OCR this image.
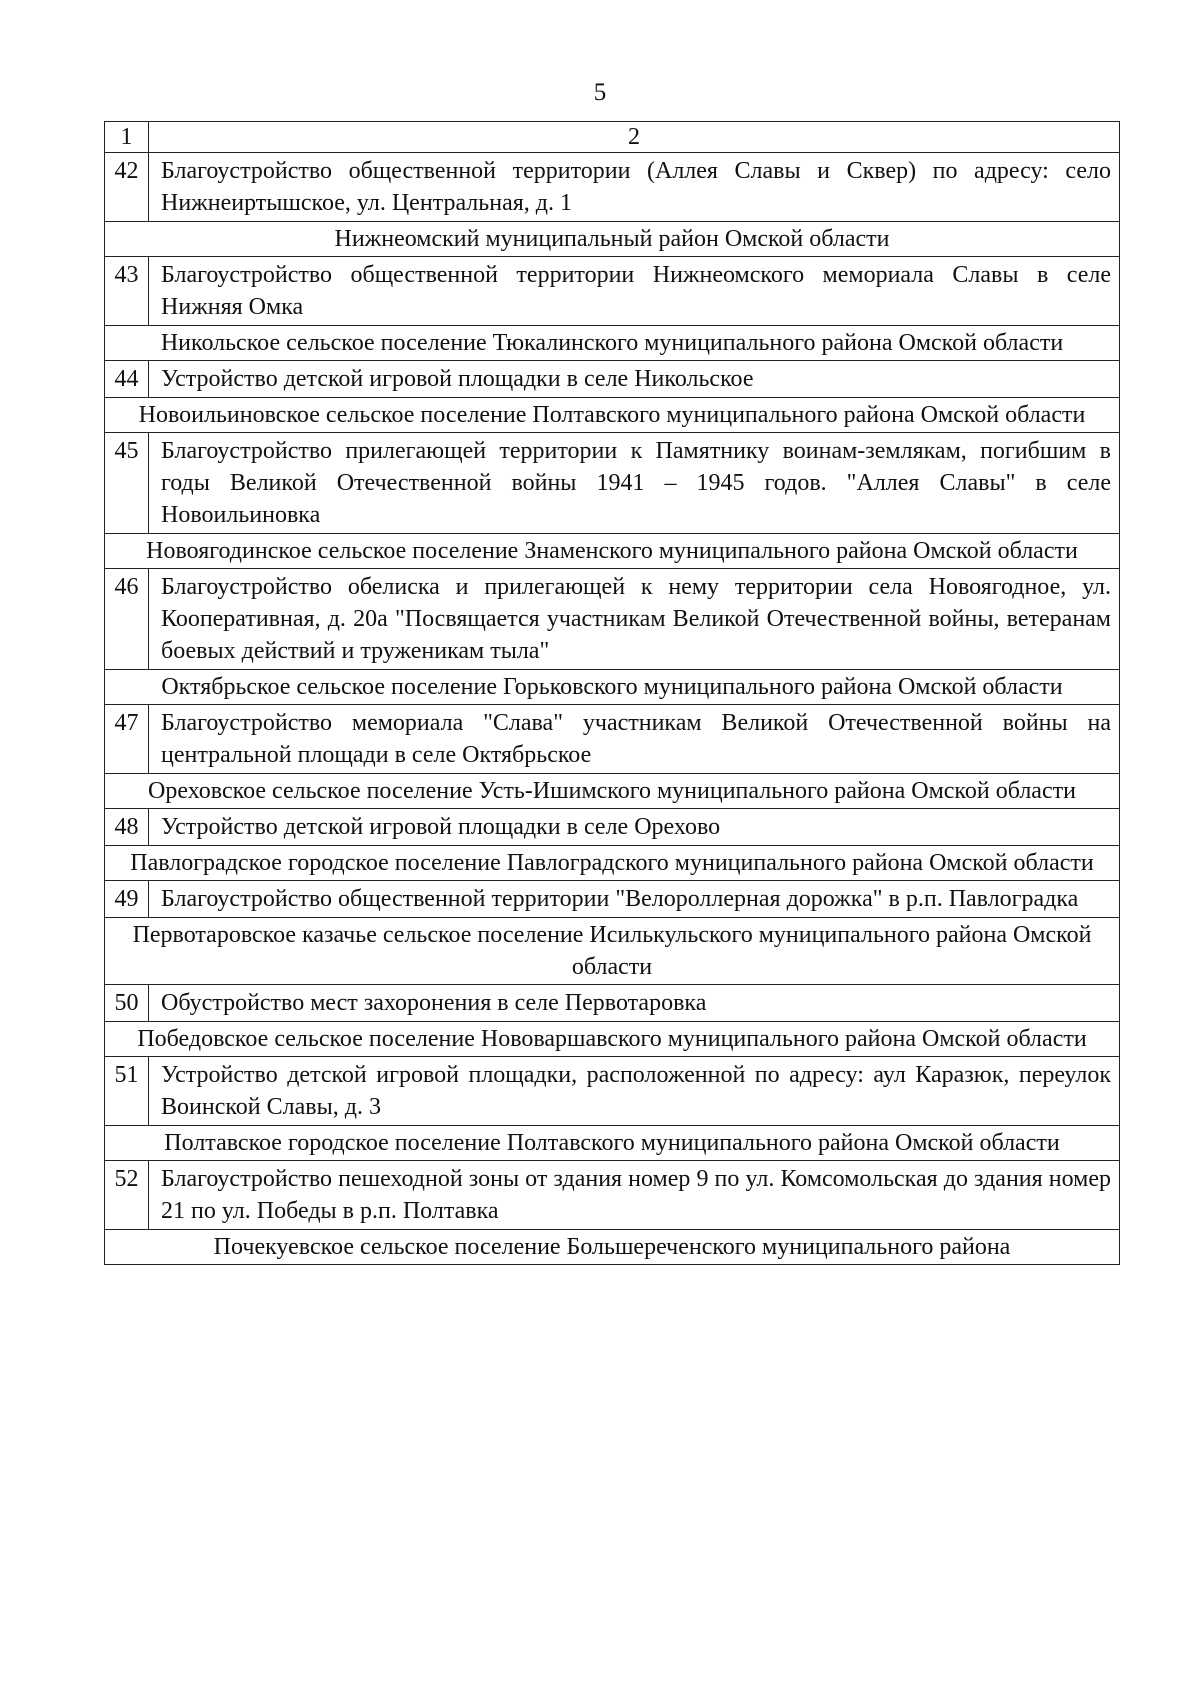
5
1	2
42	Благоустройство общественной территории (Аллея Славы и Сквер) по адресу: село Нижнеиртышское, ул. Центральная, д. 1
Нижнеомский муниципальный район Омской области	
43	Благоустройство общественной территории Нижнеомского мемориала Славы в селе Нижняя Омка
Никольское сельское поселение Тюкалинского муниципального района Омской области	
44	Устройство детской игровой площадки в селе Никольское
Новоильиновское сельское поселение Полтавского муниципального района Омской области	
45	Благоустройство прилегающей территории к Памятнику воинам-землякам, погибшим в годы Великой Отечественной войны 1941 – 1945 годов. "Аллея Славы" в селе Новоильиновка
Новоягодинское сельское поселение Знаменского муниципального района Омской области	
46	Благоустройство обелиска и прилегающей к нему территории села Новоягодное, ул. Кооперативная, д. 20а "Посвящается участникам Великой Отечественной войны, ветеранам боевых действий и труженикам тыла"
Октябрьское сельское поселение Горьковского муниципального района Омской области	
47	Благоустройство мемориала "Слава" участникам Великой Отечественной войны на центральной площади в селе Октябрьское
Ореховское сельское поселение Усть-Ишимского муниципального района Омской области	
48	Устройство детской игровой площадки в селе Орехово
Павлоградское городское поселение Павлоградского муниципального района Омской области	
49	Благоустройство общественной территории "Велороллерная дорожка" в р.п. Павлоградка
Первотаровское казачье сельское поселение Исилькульского муниципального района Омской области	
50	Обустройство мест захоронения в селе Первотаровка
Победовское сельское поселение Нововаршавского муниципального района Омской области	
51	Устройство детской игровой площадки, расположенной по адресу: аул Каразюк, переулок Воинской Славы, д. 3
Полтавское городское поселение Полтавского муниципального района Омской области	
52	Благоустройство пешеходной зоны от здания номер 9 по ул. Комсомольская до здания номер 21 по ул. Победы в р.п. Полтавка
Почекуевское сельское поселение Большереченского муниципального района	
